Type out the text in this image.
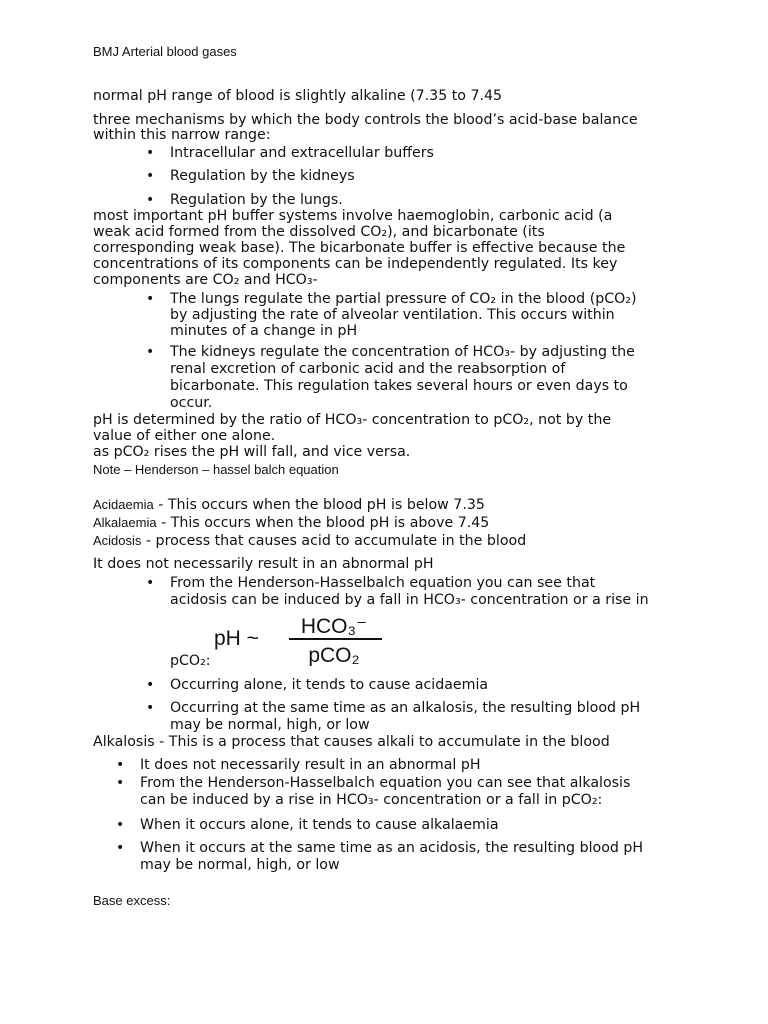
BMJ Arterial blood gases
normal pH range of blood is slightly alkaline (7.35 to 7.45
three mechanisms by which the body controls the blood’s acid-base balance
within this narrow range:
• Intracellular and extracellular buffers
• Regulation by the kidneys
• Regulation by the lungs.
most important pH buffer systems involve haemoglobin, carbonic acid (a
weak acid formed from the dissolved CO₂), and bicarbonate (its
corresponding weak base). The bicarbonate buffer is effective because the
concentrations of its components can be independently regulated. Its key
components are CO₂ and HCO₃-
• The lungs regulate the partial pressure of CO₂ in the blood (pCO₂)
by adjusting the rate of alveolar ventilation. This occurs within
minutes of a change in pH
• The kidneys regulate the concentration of HCO₃- by adjusting the
renal excretion of carbonic acid and the reabsorption of
bicarbonate. This regulation takes several hours or even days to
occur.
pH is determined by the ratio of HCO₃- concentration to pCO₂, not by the
value of either one alone.
as pCO₂ rises the pH will fall, and vice versa.
Note – Henderson – hassel balch equation
Acidaemia - This occurs when the blood pH is below 7.35
Alkalaemia - This occurs when the blood pH is above 7.45
Acidosis - process that causes acid to accumulate in the blood
It does not necessarily result in an abnormal pH
• From the Henderson-Hasselbalch equation you can see that
acidosis can be induced by a fall in HCO₃- concentration or a rise in
pH ~
HCO₃⁻
pCO₂
pCO₂:
• Occurring alone, it tends to cause acidaemia
• Occurring at the same time as an alkalosis, the resulting blood pH
may be normal, high, or low
Alkalosis - This is a process that causes alkali to accumulate in the blood
• It does not necessarily result in an abnormal pH
• From the Henderson-Hasselbalch equation you can see that alkalosis
can be induced by a rise in HCO₃- concentration or a fall in pCO₂:
• When it occurs alone, it tends to cause alkalaemia
• When it occurs at the same time as an acidosis, the resulting blood pH
may be normal, high, or low
Base excess:
